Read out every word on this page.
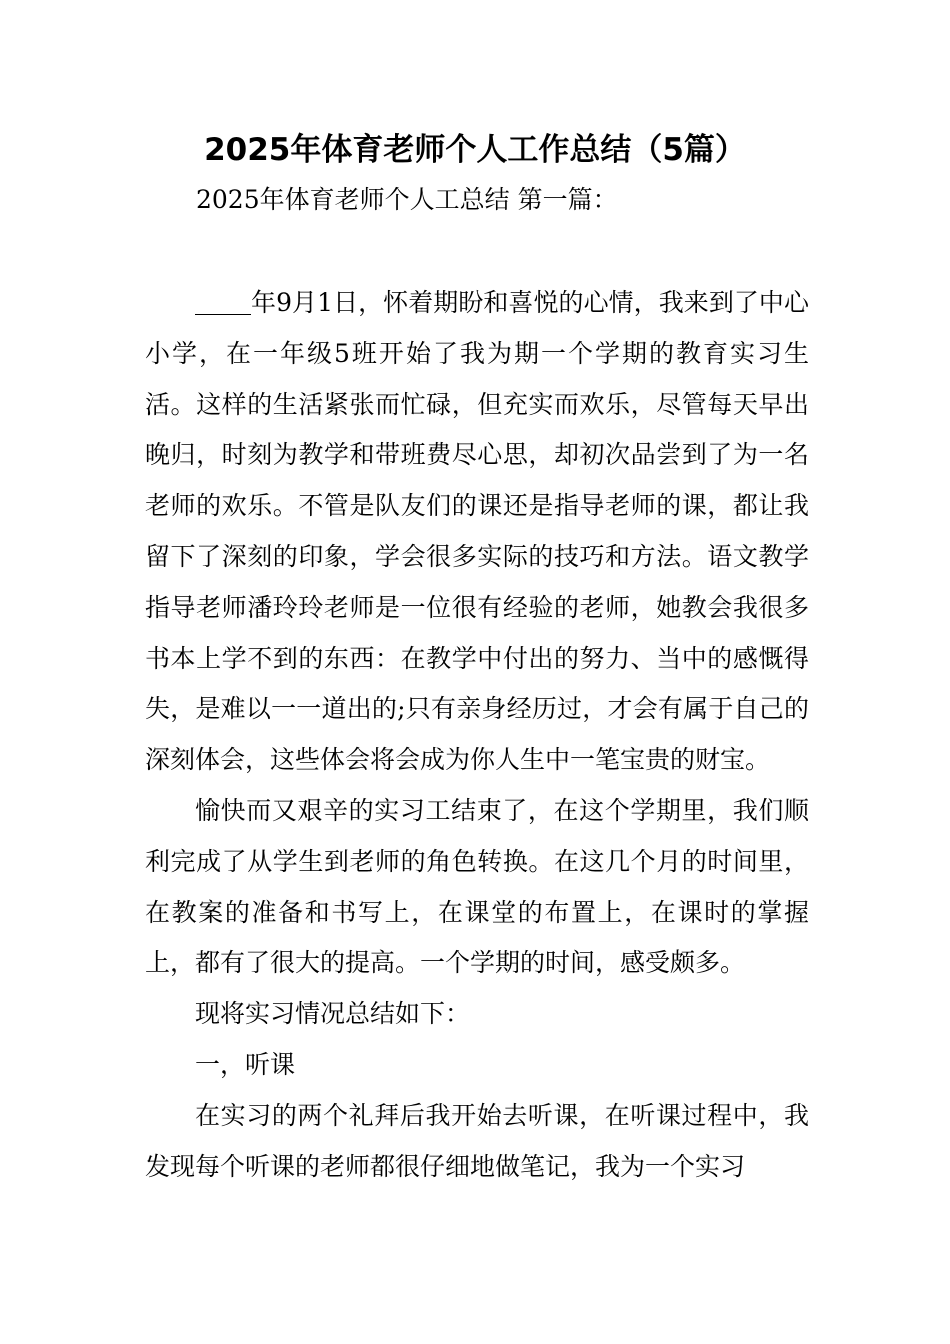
2025年体育老师个人工作总结（5篇）

2025年体育老师个人工总结 第一篇：

年9月1日，怀着期盼和喜悦的心情，我来到了中心小学，在一年级5班开始了我为期一个学期的教育实习生活。这样的生活紧张而忙碌，但充实而欢乐，尽管每天早出晚归，时刻为教学和带班费尽心思，却初次品尝到了为一名老师的欢乐。不管是队友们的课还是指导老师的课，都让我留下了深刻的印象，学会很多实际的技巧和方法。语文教学指导老师潘玲玲老师是一位很有经验的老师，她教会我很多书本上学不到的东西：在教学中付出的努力、当中的感慨得失，是难以一一道出的;只有亲身经历过，才会有属于自己的深刻体会，这些体会将会成为你人生中一笔宝贵的财宝。

愉快而又艰辛的实习工结束了，在这个学期里，我们顺利完成了从学生到老师的角色转换。在这几个月的时间里，在教案的准备和书写上，在课堂的布置上，在课时的掌握上，都有了很大的提高。一个学期的时间，感受颇多。

现将实习情况总结如下：

一，听课

在实习的两个礼拜后我开始去听课，在听课过程中，我发现每个听课的老师都很仔细地做笔记，我为一个实习
